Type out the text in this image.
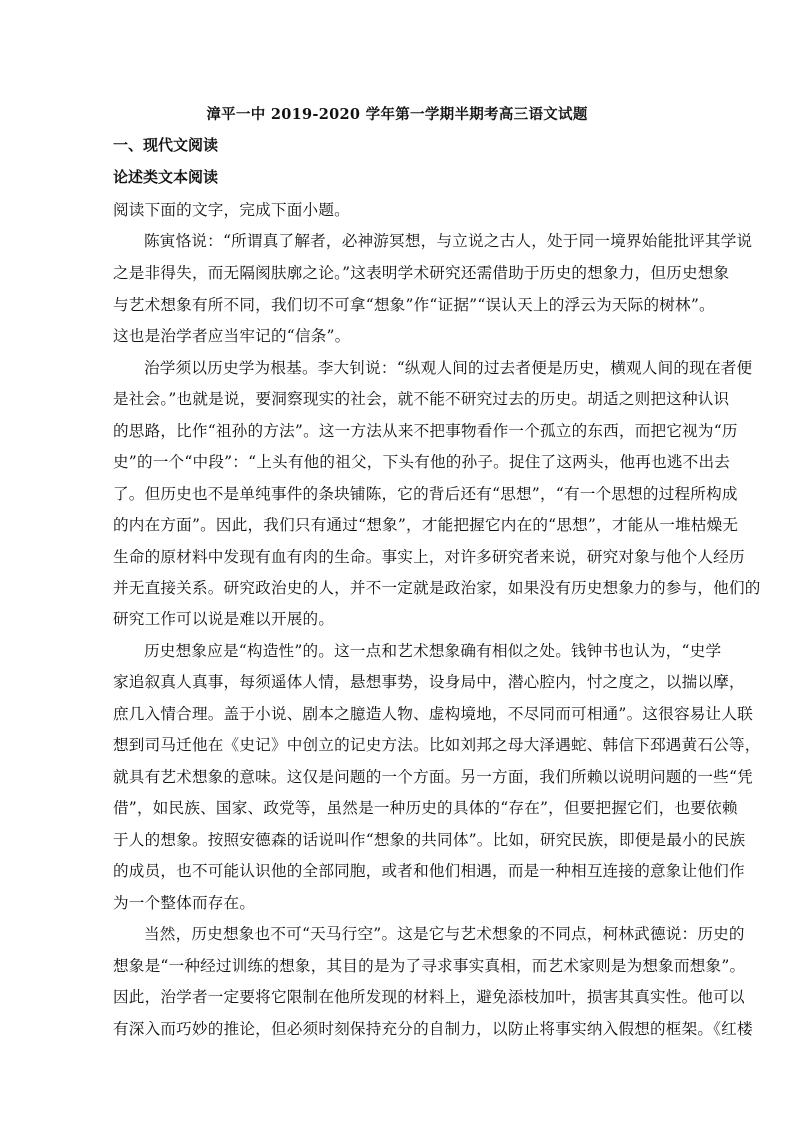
漳平一中 2019-2020 学年第一学期半期考高三语文试题
一、现代文阅读
论述类文本阅读
阅读下面的文字，完成下面小题。
陈寅恪说：“所谓真了解者，必神游冥想，与立说之古人，处于同一境界始能批评其学说
之是非得失，而无隔阂肤廓之论。”这表明学术研究还需借助于历史的想象力，但历史想象
与艺术想象有所不同，我们切不可拿“想象”作“证据”“误认天上的浮云为天际的树林”。
这也是治学者应当牢记的“信条”。
治学须以历史学为根基。李大钊说：“纵观人间的过去者便是历史，横观人间的现在者便
是社会。”也就是说，要洞察现实的社会，就不能不研究过去的历史。胡适之则把这种认识
的思路，比作“祖孙的方法”。这一方法从来不把事物看作一个孤立的东西，而把它视为“历
史”的一个“中段”：“上头有他的祖父，下头有他的孙子。捉住了这两头，他再也逃不出去
了。但历史也不是单纯事件的条块铺陈，它的背后还有“思想”，“有一个思想的过程所构成
的内在方面”。因此，我们只有通过“想象”，才能把握它内在的“思想”，才能从一堆枯燥无
生命的原材料中发现有血有肉的生命。事实上，对许多研究者来说，研究对象与他个人经历
并无直接关系。研究政治史的人，并不一定就是政治家，如果没有历史想象力的参与，他们的
研究工作可以说是难以开展的。
历史想象应是“构造性”的。这一点和艺术想象确有相似之处。钱钟书也认为，“史学
家追叙真人真事，每须遥体人情，悬想事势，设身局中，潜心腔内，忖之度之，以揣以摩，
庶几入情合理。盖于小说、剧本之臆造人物、虚构境地，不尽同而可相通”。这很容易让人联
想到司马迁他在《史记》中创立的记史方法。比如刘邦之母大泽遇蛇、韩信下邳遇黄石公等，
就具有艺术想象的意味。这仅是问题的一个方面。另一方面，我们所赖以说明问题的一些“凭
借”，如民族、国家、政党等，虽然是一种历史的具体的“存在”，但要把握它们，也要依赖
于人的想象。按照安德森的话说叫作“想象的共同体”。比如，研究民族，即便是最小的民族
的成员，也不可能认识他的全部同胞，或者和他们相遇，而是一种相互连接的意象让他们作
为一个整体而存在。
当然，历史想象也不可“天马行空”。这是它与艺术想象的不同点，柯林武德说：历史的
想象是“一种经过训练的想象，其目的是为了寻求事实真相，而艺术家则是为想象而想象”。
因此，治学者一定要将它限制在他所发现的材料上，避免添枝加叶，损害其真实性。他可以
有深入而巧妙的推论，但必须时刻保持充分的自制力，以防止将事实纳入假想的框架。《红楼
